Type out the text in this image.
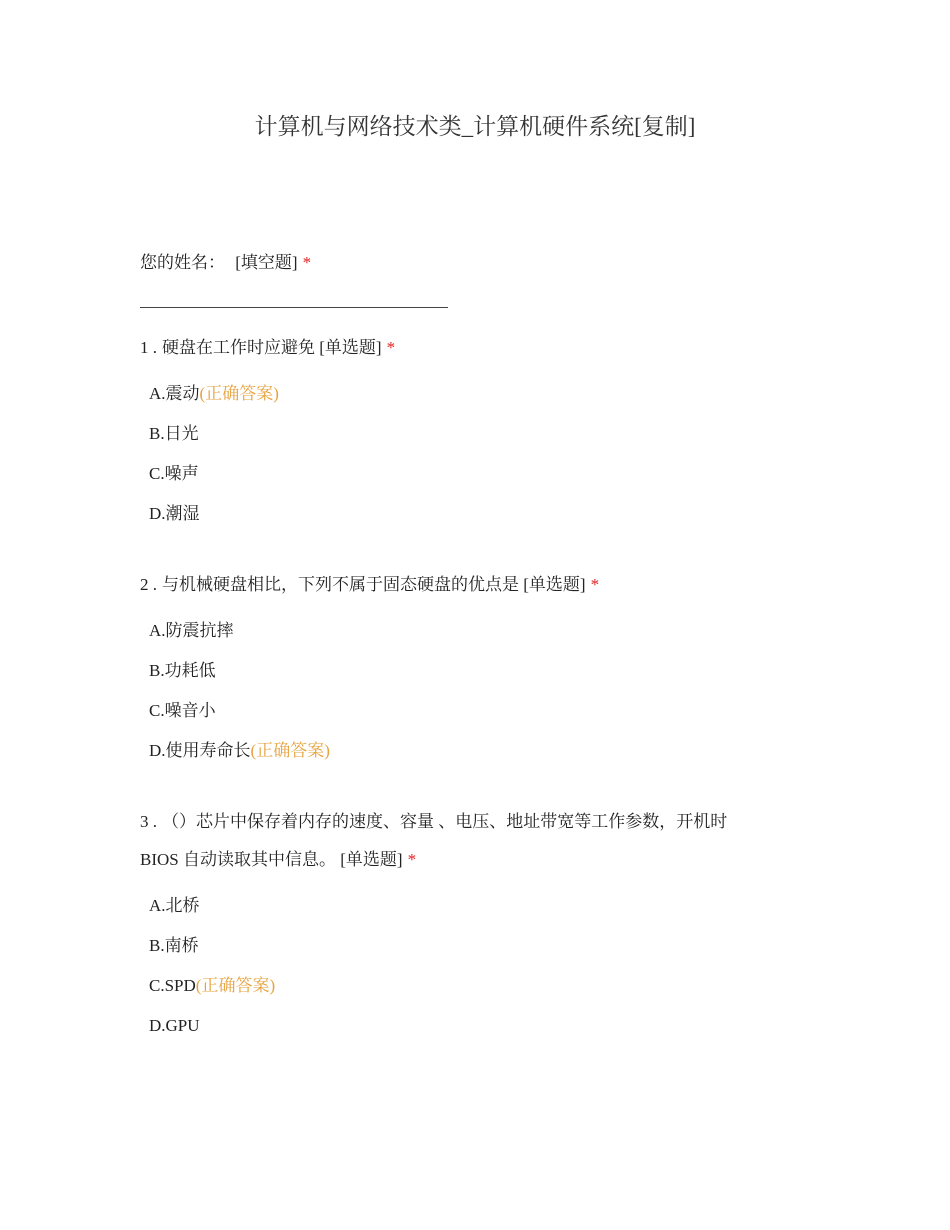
计算机与网络技术类_计算机硬件系统[复制]
您的姓名： [填空题] *
1 . 硬盘在工作时应避免 [单选题] *
A.震动(正确答案)
B.日光
C.噪声
D.潮湿
2 . 与机械硬盘相比，下列不属于固态硬盘的优点是 [单选题] *
A.防震抗摔
B.功耗低
C.噪音小
D.使用寿命长(正确答案)
3 . （）芯片中保存着内存的速度、容量 、电压、地址带宽等工作参数，开机时
BIOS 自动读取其中信息。 [单选题] *
A.北桥
B.南桥
C.SPD(正确答案)
D.GPU
